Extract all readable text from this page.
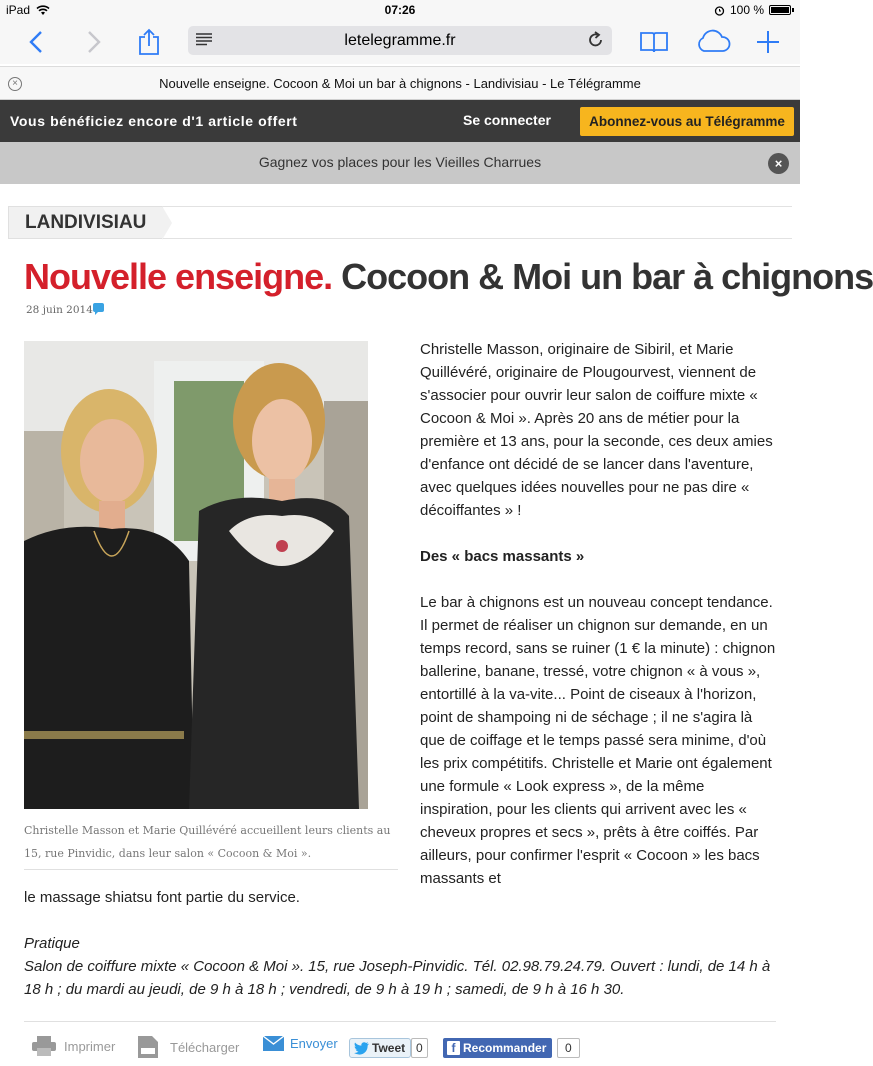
iPad	07:26	100 %
letelegramme.fr
×	Nouvelle enseigne. Cocoon & Moi un bar à chignons - Landivisiau - Le Télégramme
Vous bénéficiez encore d'1 article offert	Se connecter	Abonnez-vous au Télégramme
Gagnez vos places pour les Vieilles Charrues	×
LANDIVISIAU
Nouvelle enseigne. Cocoon & Moi un bar à chignons
28 juin 2014
Christelle Masson et Marie Quillévéré accueillent leurs clients au 15, rue Pinvidic, dans leur salon « Cocoon & Moi ».

Christelle Masson, originaire de Sibiril, et Marie Quillévéré, originaire de Plougourvest, viennent de s'associer pour ouvrir leur salon de coiffure mixte « Cocoon & Moi ». Après 20 ans de métier pour la première et 13 ans, pour la seconde, ces deux amies d'enfance ont décidé de se lancer dans l'aventure, avec quelques idées nouvelles pour ne pas dire « décoiffantes » !

Des « bacs massants »

Le bar à chignons est un nouveau concept tendance. Il permet de réaliser un chignon sur demande, en un temps record, sans se ruiner (1 € la minute) : chignon ballerine, banane, tressé, votre chignon « à vous », entortillé à la va-vite... Point de ciseaux à l'horizon, point de shampoing ni de séchage ; il ne s'agira là que de coiffage et le temps passé sera minime, d'où les prix compétitifs. Christelle et Marie ont également une formule « Look express », de la même inspiration, pour les clients qui arrivent avec les « cheveux propres et secs », prêts à être coiffés. Par ailleurs, pour confirmer l'esprit « Cocoon » les bacs massants et

le massage shiatsu font partie du service.
Pratique
Salon de coiffure mixte « Cocoon & Moi ». 15, rue Joseph-Pinvidic. Tél. 02.98.79.24.79. Ouvert : lundi, de 14 h à 18 h ; du mardi au jeudi, de 9 h à 18 h ; vendredi, de 9 h à 19 h ; samedi, de 9 h à 16 h 30.
Imprimer	Télécharger	Envoyer	Tweet 0	f Recommander	0
